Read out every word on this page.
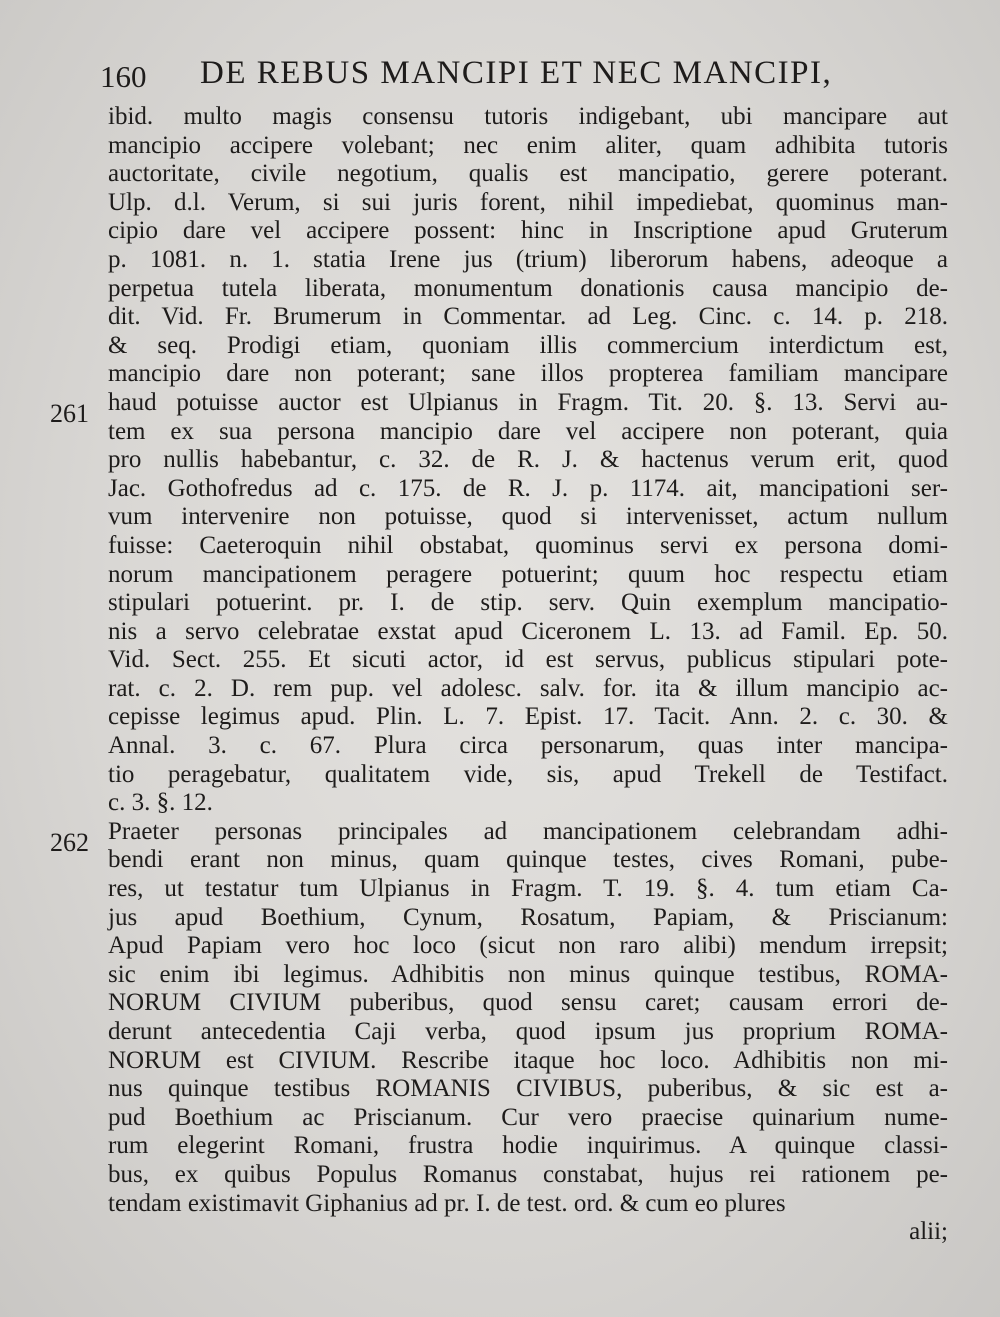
160 DE REBUS MANCIPI ET NEC MANCIPI,
261
262
ibid. multo magis consensu tutoris indigebant, ubi mancipare aut
mancipio accipere volebant; nec enim aliter, quam adhibita tutoris
auctoritate, civile negotium, qualis est mancipatio, gerere poterant.
Ulp. d.l. Verum, si sui juris forent, nihil impediebat, quominus man-
cipio dare vel accipere possent: hinc in Inscriptione apud Gruterum
p. 1081. n. 1. statia Irene jus (trium) liberorum habens, adeoque a
perpetua tutela liberata, monumentum donationis causa mancipio de-
dit. Vid. Fr. Brumerum in Commentar. ad Leg. Cinc. c. 14. p. 218.
& seq. Prodigi etiam, quoniam illis commercium interdictum est,
mancipio dare non poterant; sane illos propterea familiam mancipare
haud potuisse auctor est Ulpianus in Fragm. Tit. 20. §. 13. Servi au-
tem ex sua persona mancipio dare vel accipere non poterant, quia
pro nullis habebantur, c. 32. de R. J. & hactenus verum erit, quod
Jac. Gothofredus ad c. 175. de R. J. p. 1174. ait, mancipationi ser-
vum intervenire non potuisse, quod si intervenisset, actum nullum
fuisse: Caeteroquin nihil obstabat, quominus servi ex persona domi-
norum mancipationem peragere potuerint; quum hoc respectu etiam
stipulari potuerint. pr. I. de stip. serv. Quin exemplum mancipatio-
nis a servo celebratae exstat apud Ciceronem L. 13. ad Famil. Ep. 50.
Vid. Sect. 255. Et sicuti actor, id est servus, publicus stipulari pote-
rat. c. 2. D. rem pup. vel adolesc. salv. for. ita & illum mancipio ac-
cepisse legimus apud. Plin. L. 7. Epist. 17. Tacit. Ann. 2. c. 30. &
Annal. 3. c. 67. Plura circa personarum, quas inter mancipa-
tio peragebatur, qualitatem vide, sis, apud Trekell de Testifact.
c. 3. §. 12.
Praeter personas principales ad mancipationem celebrandam adhi-
bendi erant non minus, quam quinque testes, cives Romani, pube-
res, ut testatur tum Ulpianus in Fragm. T. 19. §. 4. tum etiam Ca-
jus apud Boethium, Cynum, Rosatum, Papiam, & Priscianum:
Apud Papiam vero hoc loco (sicut non raro alibi) mendum irrepsit;
sic enim ibi legimus. Adhibitis non minus quinque testibus, ROMA-
NORUM CIVIUM puberibus, quod sensu caret; causam errori de-
derunt antecedentia Caji verba, quod ipsum jus proprium ROMA-
NORUM est CIVIUM. Rescribe itaque hoc loco. Adhibitis non mi-
nus quinque testibus ROMANIS CIVIBUS, puberibus, & sic est a-
pud Boethium ac Priscianum. Cur vero praecise quinarium nume-
rum elegerint Romani, frustra hodie inquirimus. A quinque classi-
bus, ex quibus Populus Romanus constabat, hujus rei rationem pe-
tendam existimavit Giphanius ad pr. I. de test. ord. & cum eo plures
alii;
